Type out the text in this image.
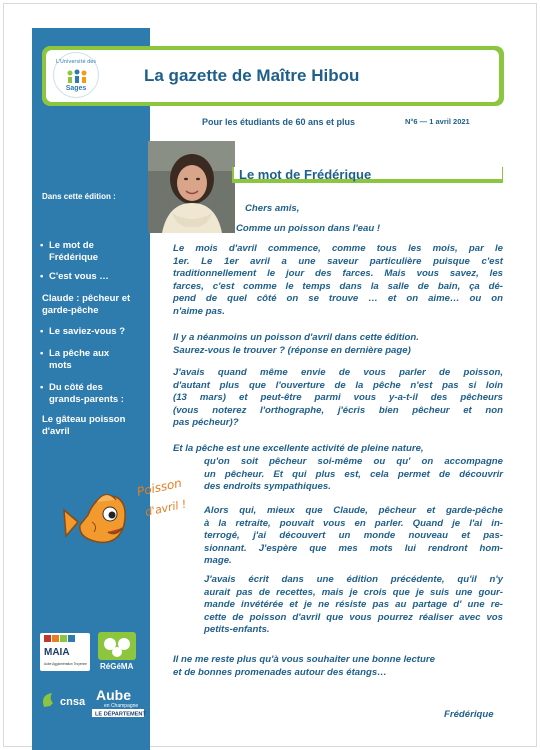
Dans cette édition :
• Le mot de
Frédérique
• C'est vous …
Claude : pêcheur et
garde-pêche
• Le saviez-vous ?
• La pêche aux
mots
• Du côté des
grands-parents :
Le gâteau poisson
d'avril
L'Université des
Sages
La gazette de Maître Hibou
Pour les étudiants de 60 ans et plus	N°6 — 1 avril 2021
Le mot de Frédérique
Chers amis,
Comme un poisson dans l'eau !
Le mois d'avril commence, comme tous les mois, par le
1er. Le 1er avril a une saveur particulière puisque c'est
traditionnellement le jour des farces. Mais vous savez, les
farces, c'est comme le temps dans la salle de bain, ça dé-
pend de quel côté on se trouve … et on aime… ou on
n'aime pas.
Il y a néanmoins un poisson d'avril dans cette édition.
Saurez-vous le trouver ? (réponse en dernière page)
J'avais quand même envie de vous parler de poisson,
d'autant plus que l'ouverture de la pêche n'est pas si loin
(13 mars) et peut-être parmi vous y-a-t-il des pêcheurs
(vous noterez l'orthographe, j'écris bien pêcheur et non
pas pécheur)?
Et la pêche est une excellente activité de pleine nature,
qu'on soit pêcheur soi-même ou qu' on accompagne
un pêcheur. Et qui plus est, cela permet de découvrir
des endroits sympathiques.
Alors qui, mieux que Claude, pêcheur et garde-pêche
à la retraite, pouvait vous en parler. Quand je l'ai in-
terrogé, j'ai découvert un monde nouveau et pas-
sionnant. J'espère que mes mots lui rendront hom-
mage.
J'avais écrit dans une édition précédente, qu'il n'y
aurait pas de recettes, mais je crois que je suis une gour-
mande invétérée et je ne résiste pas au partage d' une re-
cette de poisson d'avril que vous pourrez réaliser avec vos
petits-enfants.
Il ne me reste plus qu'à vous souhaiter une bonne lecture
et de bonnes promenades autour des étangs…
Frédérique
Poisson
d'avril !
MAIA
Aube Agglomération Troyenne RéGéMA
cnsa Aube
en Champagne
LE DÉPARTEMENT
